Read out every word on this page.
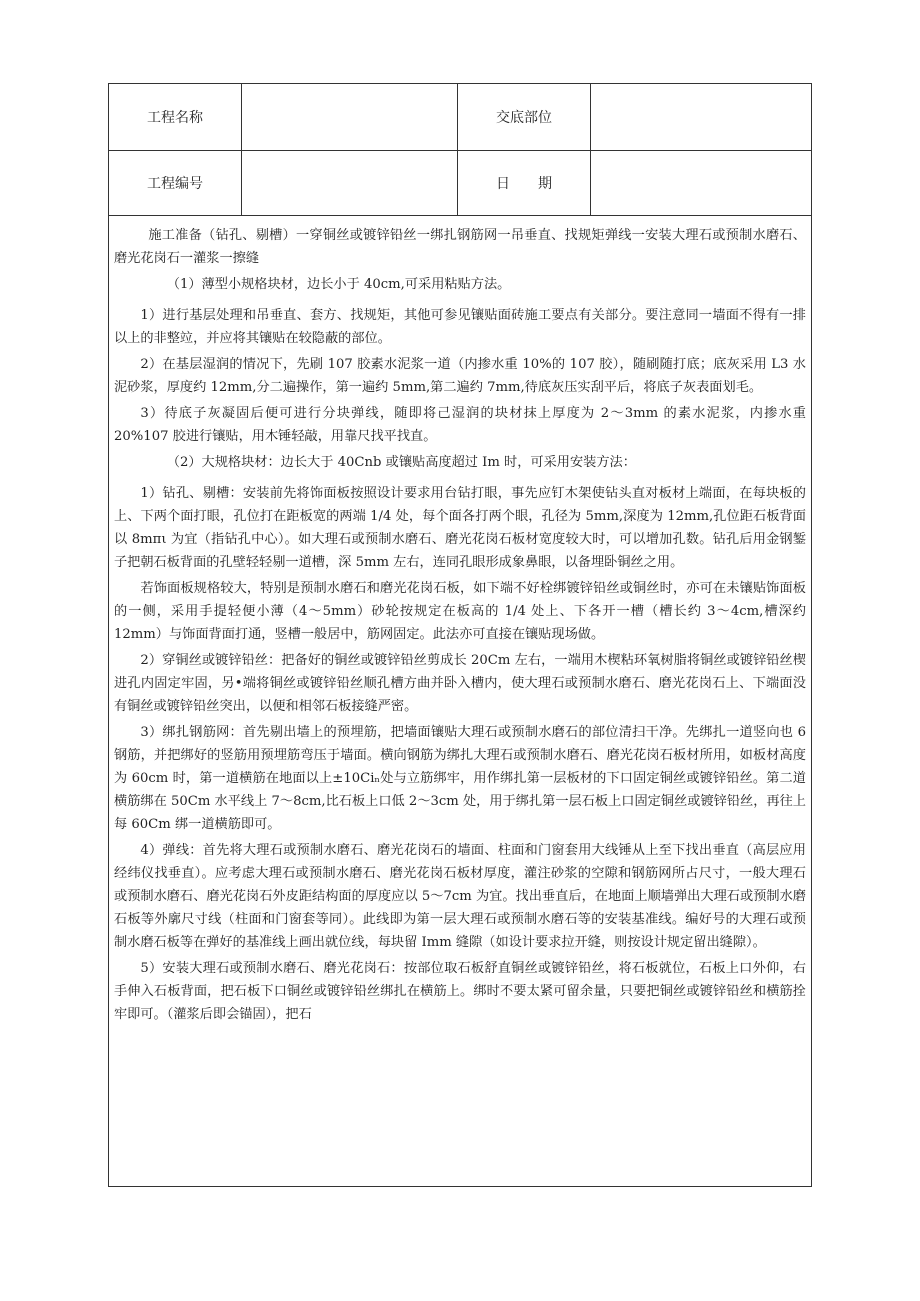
工程名称	交底部位
工程编号	日　　期

施工准备（钻孔、剔槽）一穿铜丝或镀锌铅丝一绑扎钢筋网一吊垂直、找规矩弹线一安装大理石或预制水磨石、磨光花岗石一灌浆一擦缝

（1）薄型小规格块材，边长小于 40cm,可采用粘贴方法。

1）进行基层处理和吊垂直、套方、找规矩，其他可参见镶贴面砖施工要点有关部分。要注意同一墙面不得有一排以上的非整竝，并应将其镶贴在较隐蔽的部位。

2）在基层湿润的情况下，先刷 107 胶素水泥浆一道（内掺水重 10%的 107 胶），随刷随打底；底灰采用 L3 水泥砂浆，厚度约 12mm,分二遍操作，第一遍约 5mm,第二遍约 7mm,待底灰压实刮平后，将底子灰表面划毛。

3）待底子灰凝固后便可进行分块弹线，随即将己湿润的块材抹上厚度为 2～3mm 的素水泥浆，内掺水重 20%107 胶进行镶贴，用木锤轻敲，用靠尺找平找直。

（2）大规格块材：边长大于 40Cnb 或镶贴高度超过 Im 时，可采用安装方法：

1）钻孔、剔槽：安装前先将饰面板按照设计要求用台钻打眼，事先应钉木架使钻头直对板材上端面，在每块板的上、下两个面打眼，孔位打在距板宽的两端 1/4 处，每个面各打两个眼，孔径为 5mm,深度为 12mm,孔位距石板背面以 8mπι 为宜（指钻孔中心）。如大理石或预制水磨石、磨光花岗石板材宽度较大时，可以增加孔数。钻孔后用金钢錾子把朝石板背面的孔壁轻轻剔一道槽，深 5mm 左右，连同孔眼形成象鼻眼，以备埋卧铜丝之用。

若饰面板规格较大，特别是预制水磨石和磨光花岗石板，如下端不好栓绑镀锌铅丝或铜丝时，亦可在未镶贴饰面板的一侧，采用手提轻便小薄（4～5mm）砂轮按规定在板高的 1/4 处上、下各开一槽（槽长约 3～4cm,槽深约 12mm）与饰面背面打通，竖槽一般居中，筋网固定。此法亦可直接在镶贴现场做。

2）穿铜丝或镀锌铅丝：把备好的铜丝或镀锌铅丝剪成长 20Cm 左右，一端用木楔粘环氧树脂将铜丝或镀锌铅丝楔进孔内固定牢固，另•端将铜丝或镀锌铅丝顺孔槽方曲并卧入槽内，使大理石或预制水磨石、磨光花岗石上、下端面没有铜丝或镀锌铅丝突出，以便和相邻石板接缝严密。

3）绑扎钢筋网：首先剔出墙上的预埋筋，把墙面镶贴大理石或预制水磨石的部位清扫干净。先绑扎一道竖向也 6 钢筋，并把绑好的竖筋用预埋筋弯压于墙面。横向钢筋为绑扎大理石或预制水磨石、磨光花岗石板材所用，如板材高度为 60cm 时，第一道横筋在地面以上±10Ciₙ处与立筋绑牢，用作绑扎第一层板材的下口固定铜丝或镀锌铅丝。第二道横筋绑在 50Cm 水平线上 7～8cm,比石板上口低 2～3cm 处，用于绑扎第一层石板上口固定铜丝或镀锌铅丝，再往上每 60Cm 绑一道横筋即可。

4）弹线：首先将大理石或预制水磨石、磨光花岗石的墙面、柱面和门窗套用大线锤从上至下找出垂直（高层应用经纬仪找垂直）。应考虑大理石或预制水磨石、磨光花岗石板材厚度，灌注砂浆的空隙和钢筋网所占尺寸，一般大理石或预制水磨石、磨光花岗石外皮距结构面的厚度应以 5～7cm 为宜。找出垂直后，在地面上顺墙弹出大理石或预制水磨石板等外廓尺寸线（柱面和门窗套等同）。此线即为第一层大理石或预制水磨石等的安装基准线。编好号的大理石或预制水磨石板等在弹好的基准线上画出就位线，每块留 Imm 缝隙（如设计要求拉开缝，则按设计规定留出缝隙）。

5）安装大理石或预制水磨石、磨光花岗石：按部位取石板舒直铜丝或镀锌铅丝，将石板就位，石板上口外仰，右手伸入石板背面，把石板下口铜丝或镀锌铅丝绑扎在横筋上。绑时不要太紧可留余量，只要把铜丝或镀锌铅丝和横筋拴牢即可。（灌浆后即会锚固），把石
